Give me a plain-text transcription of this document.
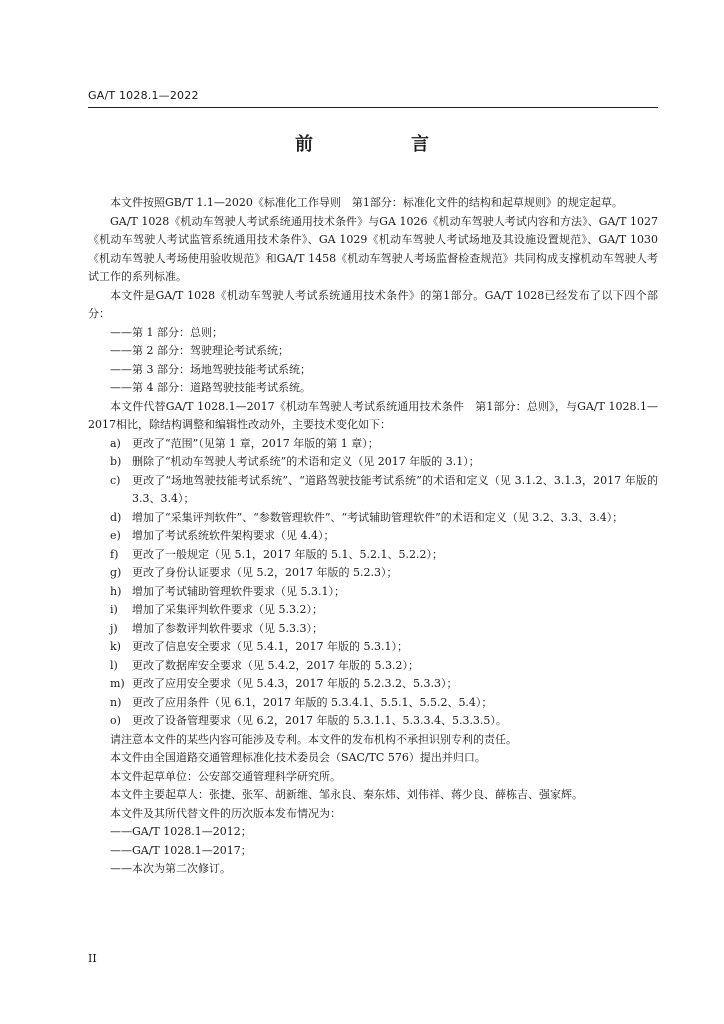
GA/T 1028.1—2022
前　言

本文件按照GB/T 1.1—2020《标准化工作导则　第1部分：标准化文件的结构和起草规则》的规定起草。

GA/T 1028《机动车驾驶人考试系统通用技术条件》与GA 1026《机动车驾驶人考试内容和方法》、GA/T 1027《机动车驾驶人考试监管系统通用技术条件》、GA 1029《机动车驾驶人考试场地及其设施设置规范》、GA/T 1030《机动车驾驶人考场使用验收规范》和GA/T 1458《机动车驾驶人考场监督检查规范》共同构成支撑机动车驾驶人考试工作的系列标准。

本文件是GA/T 1028《机动车驾驶人考试系统通用技术条件》的第1部分。GA/T 1028已经发布了以下四个部分：

——第 1 部分：总则；

——第 2 部分：驾驶理论考试系统；

——第 3 部分：场地驾驶技能考试系统；

——第 4 部分：道路驾驶技能考试系统。

本文件代替GA/T 1028.1—2017《机动车驾驶人考试系统通用技术条件　第1部分：总则》，与GA/T 1028.1—2017相比，除结构调整和编辑性改动外，主要技术变化如下：

a)	更改了“范围”（见第 1 章，2017 年版的第 1 章）；
b) 删除了“机动车驾驶人考试系统”的术语和定义（见 2017 年版的 3.1）；
c)	更改了“场地驾驶技能考试系统”、“道路驾驶技能考试系统”的术语和定义（见 3.1.2、3.1.3，2017 年版的 3.3、3.4）；
d) 增加了“采集评判软件”、“参数管理软件”、“考试辅助管理软件”的术语和定义（见 3.2、3.3、3.4）；
e)	增加了考试系统软件架构要求（见 4.4）；
f)	更改了一般规定（见 5.1，2017 年版的 5.1、5.2.1、5.2.2）；
g) 更改了身份认证要求（见 5.2，2017 年版的 5.2.3）；
h) 增加了考试辅助管理软件要求（见 5.3.1）；
i)	增加了采集评判软件要求（见 5.3.2）；
j)	增加了参数评判软件要求（见 5.3.3）；
k)	更改了信息安全要求（见 5.4.1，2017 年版的 5.3.1）；
l)	更改了数据库安全要求（见 5.4.2，2017 年版的 5.3.2）；
m) 更改了应用安全要求（见 5.4.3，2017 年版的 5.2.3.2、5.3.3）；
n) 更改了应用条件（见 6.1，2017 年版的 5.3.4.1、5.5.1、5.5.2、5.4）；
o)	更改了设备管理要求（见 6.2，2017 年版的 5.3.1.1、5.3.3.4、5.3.3.5）。

请注意本文件的某些内容可能涉及专利。本文件的发布机构不承担识别专利的责任。

本文件由全国道路交通管理标准化技术委员会（SAC/TC 576）提出并归口。

本文件起草单位：公安部交通管理科学研究所。

本文件主要起草人：张捷、张军、胡新维、邹永良、秦东炜、刘伟祥、蒋少良、薛栋吉、强家辉。

本文件及其所代替文件的历次版本发布情况为：

——GA/T 1028.1—2012；

——GA/T 1028.1—2017；

——本次为第二次修订。

II
